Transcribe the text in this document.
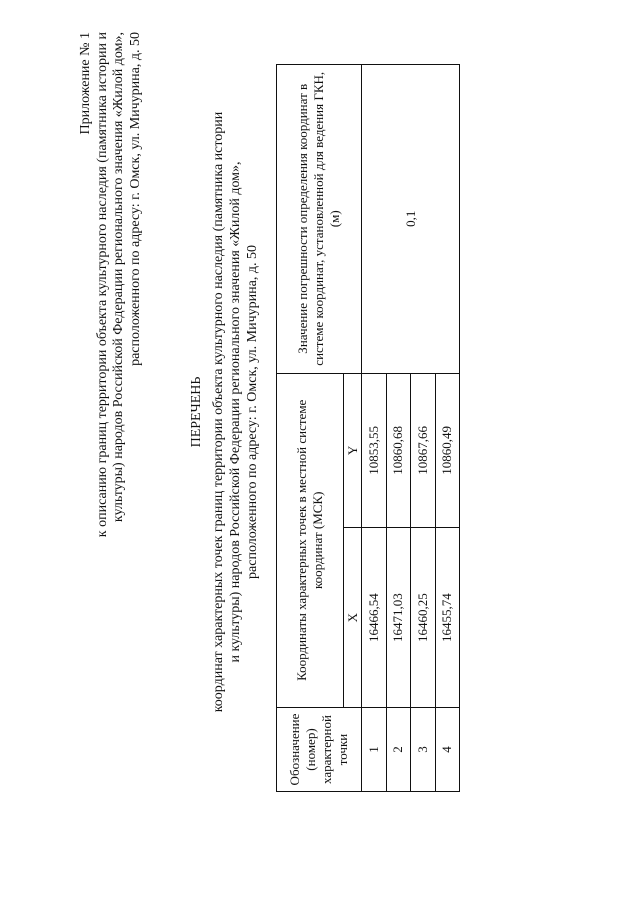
Приложение № 1 к описанию границ территории объекта культурного наследия (памятника истории и культуры) народов Российской Федерации регионального значения «Жилой дом», расположенного по адресу: г. Омск, ул. Мичурина, д. 50
ПЕРЕЧЕНЬ координат характерных точек границ территории объекта культурного наследия (памятника истории и культуры) народов Российской Федерации регионального значения «Жилой дом», расположенного по адресу: г. Омск, ул. Мичурина, д. 50
Обозначение (номер) характерной точки	Координаты характерных точек в местной системе координат (МСК)		Значение погрешности определения координат в системе координат, установленной для ведения ГКН, (м)
	X	Y	
1	16466,54	10853,55	0,1
2	16471,03	10860,68	
3	16460,25	10867,66	
4	16455,74	10860,49	
